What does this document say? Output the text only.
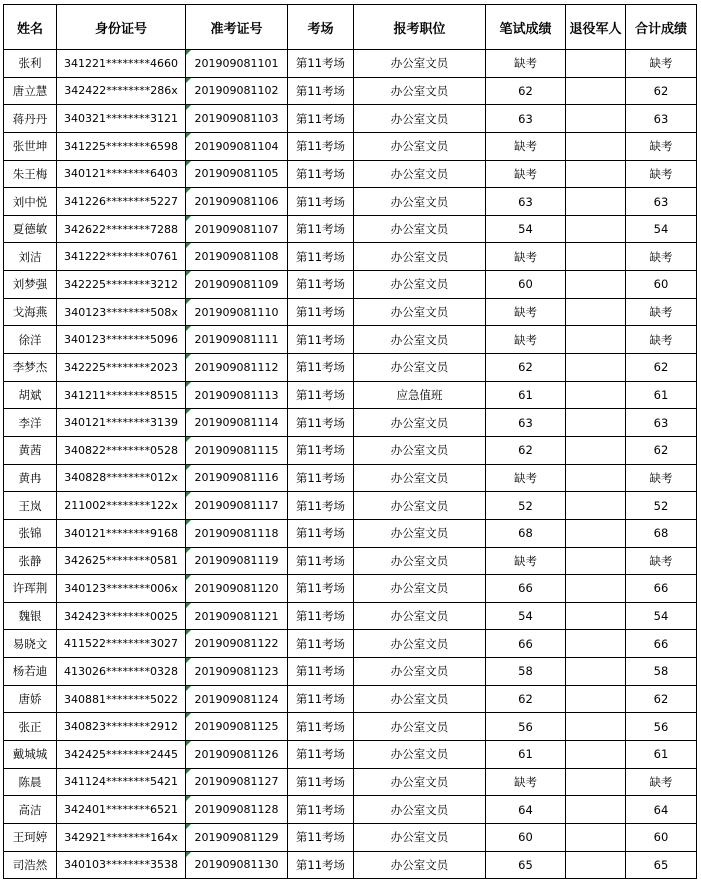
姓名	身份证号	准考证号	考场	报考职位	笔试成绩	退役军人	合计成绩
张利	341221********4660	201909081101	第11考场	办公室文员	缺考		缺考
唐立慧	342422********286x	201909081102	第11考场	办公室文员	62		62
蒋丹丹	340321********3121	201909081103	第11考场	办公室文员	63		63
张世坤	341225********6598	201909081104	第11考场	办公室文员	缺考		缺考
朱王梅	340121********6403	201909081105	第11考场	办公室文员	缺考		缺考
刘中悦	341226********5227	201909081106	第11考场	办公室文员	63		63
夏德敏	342622********7288	201909081107	第11考场	办公室文员	54		54
刘洁	341222********0761	201909081108	第11考场	办公室文员	缺考		缺考
刘梦强	342225********3212	201909081109	第11考场	办公室文员	60		60
戈海燕	340123********508x	201909081110	第11考场	办公室文员	缺考		缺考
徐洋	340123********5096	201909081111	第11考场	办公室文员	缺考		缺考
李梦杰	342225********2023	201909081112	第11考场	办公室文员	62		62
胡斌	341211********8515	201909081113	第11考场	应急值班	61		61
李洋	340121********3139	201909081114	第11考场	办公室文员	63		63
黄茜	340822********0528	201909081115	第11考场	办公室文员	62		62
黄冉	340828********012x	201909081116	第11考场	办公室文员	缺考		缺考
王岚	211002********122x	201909081117	第11考场	办公室文员	52		52
张锦	340121********9168	201909081118	第11考场	办公室文员	68		68
张静	342625********0581	201909081119	第11考场	办公室文员	缺考		缺考
许珲荆	340123********006x	201909081120	第11考场	办公室文员	66		66
魏银	342423********0025	201909081121	第11考场	办公室文员	54		54
易晓文	411522********3027	201909081122	第11考场	办公室文员	66		66
杨若迪	413026********0328	201909081123	第11考场	办公室文员	58		58
唐娇	340881********5022	201909081124	第11考场	办公室文员	62		62
张正	340823********2912	201909081125	第11考场	办公室文员	56		56
戴城城	342425********2445	201909081126	第11考场	办公室文员	61		61
陈晨	341124********5421	201909081127	第11考场	办公室文员	缺考		缺考
高洁	342401********6521	201909081128	第11考场	办公室文员	64		64
王珂婷	342921********164x	201909081129	第11考场	办公室文员	60		60
司浩然	340103********3538	201909081130	第11考场	办公室文员	65		65
